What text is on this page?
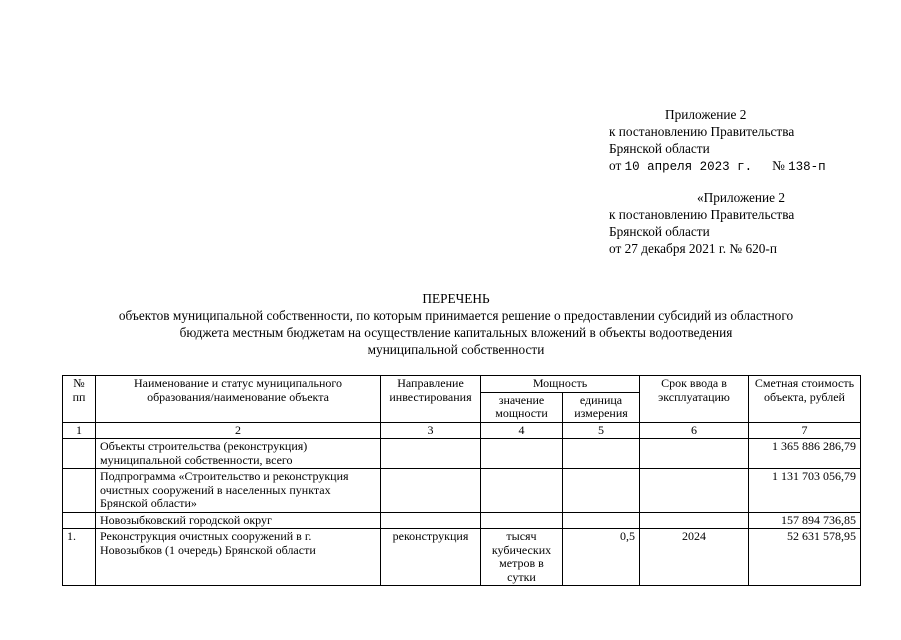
Приложение 2
к постановлению Правительства
Брянской области
от 10 апреля 2023 г. № 138-п
«Приложение 2
к постановлению Правительства
Брянской области
от 27 декабря 2021 г. № 620-п
ПЕРЕЧЕНЬ
объектов муниципальной собственности, по которым принимается решение о предоставлении субсидий из областного
бюджета местным бюджетам на осуществление капитальных вложений в объекты водоотведения
муниципальной собственности
№ пп	Наименование и статус муниципального образования/наименование объекта	Направление инвестирования	Мощность		Срок ввода в эксплуатацию	Сметная стоимость объекта, рублей
			значение мощности	единица измерения		
1	2	3	4	5	6	7
	Объекты строительства (реконструкция) муниципальной собственности, всего					1 365 886 286,79
	Подпрограмма «Строительство и реконструкция очистных сооружений в населенных пунктах Брянской области»					1 131 703 056,79
	Новозыбковский городской округ					157 894 736,85
1.	Реконструкция очистных сооружений в г. Новозыбков (1 очередь) Брянской области	реконструкция	тысяч кубических метров в сутки	0,5	2024	52 631 578,95
